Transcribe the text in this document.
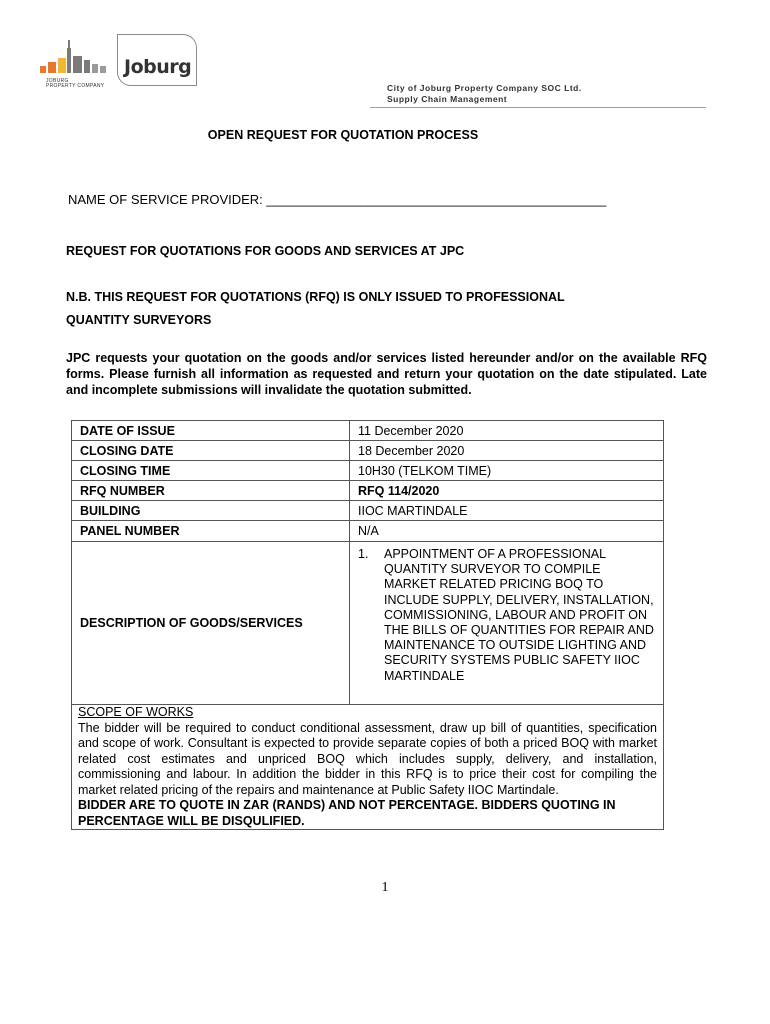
JOBURG
PROPERTY COMPANY
Joburg
City of Joburg Property Company SOC Ltd.
Supply Chain Management
OPEN REQUEST FOR QUOTATION PROCESS
NAME OF SERVICE PROVIDER: _______________________________________________
REQUEST FOR QUOTATIONS FOR GOODS AND SERVICES AT JPC
N.B. THIS REQUEST FOR QUOTATIONS (RFQ) IS ONLY ISSUED TO PROFESSIONAL
QUANTITY SURVEYORS
JPC requests your quotation on the goods and/or services listed hereunder and/or on the available RFQ forms. Please furnish all information as requested and return your quotation on the date stipulated. Late and incomplete submissions will invalidate the quotation submitted.
DATE OF ISSUE	11 December 2020
CLOSING DATE	18 December 2020
CLOSING TIME	10H30 (TELKOM TIME)
RFQ NUMBER	RFQ 114/2020
BUILDING	IIOC MARTINDALE
PANEL NUMBER	N/A
DESCRIPTION OF GOODS/SERVICES	1. APPOINTMENT OF A PROFESSIONAL QUANTITY SURVEYOR TO COMPILE MARKET RELATED PRICING BOQ TO INCLUDE SUPPLY, DELIVERY, INSTALLATION, COMMISSIONING, LABOUR AND PROFIT ON THE BILLS OF QUANTITIES FOR REPAIR AND MAINTENANCE TO OUTSIDE LIGHTING AND SECURITY SYSTEMS PUBLIC SAFETY IIOC MARTINDALE

SCOPE OF WORKS
The bidder will be required to conduct conditional assessment, draw up bill of quantities, specification and scope of work. Consultant is expected to provide separate copies of both a priced BOQ with market related cost estimates and unpriced BOQ which includes supply, delivery, and installation, commissioning and labour. In addition the bidder in this RFQ is to price their cost for compiling the market related pricing of the repairs and maintenance at Public Safety IIOC Martindale.
BIDDER ARE TO QUOTE IN ZAR (RANDS) AND NOT PERCENTAGE. BIDDERS QUOTING IN PERCENTAGE WILL BE DISQULIFIED.	
1
